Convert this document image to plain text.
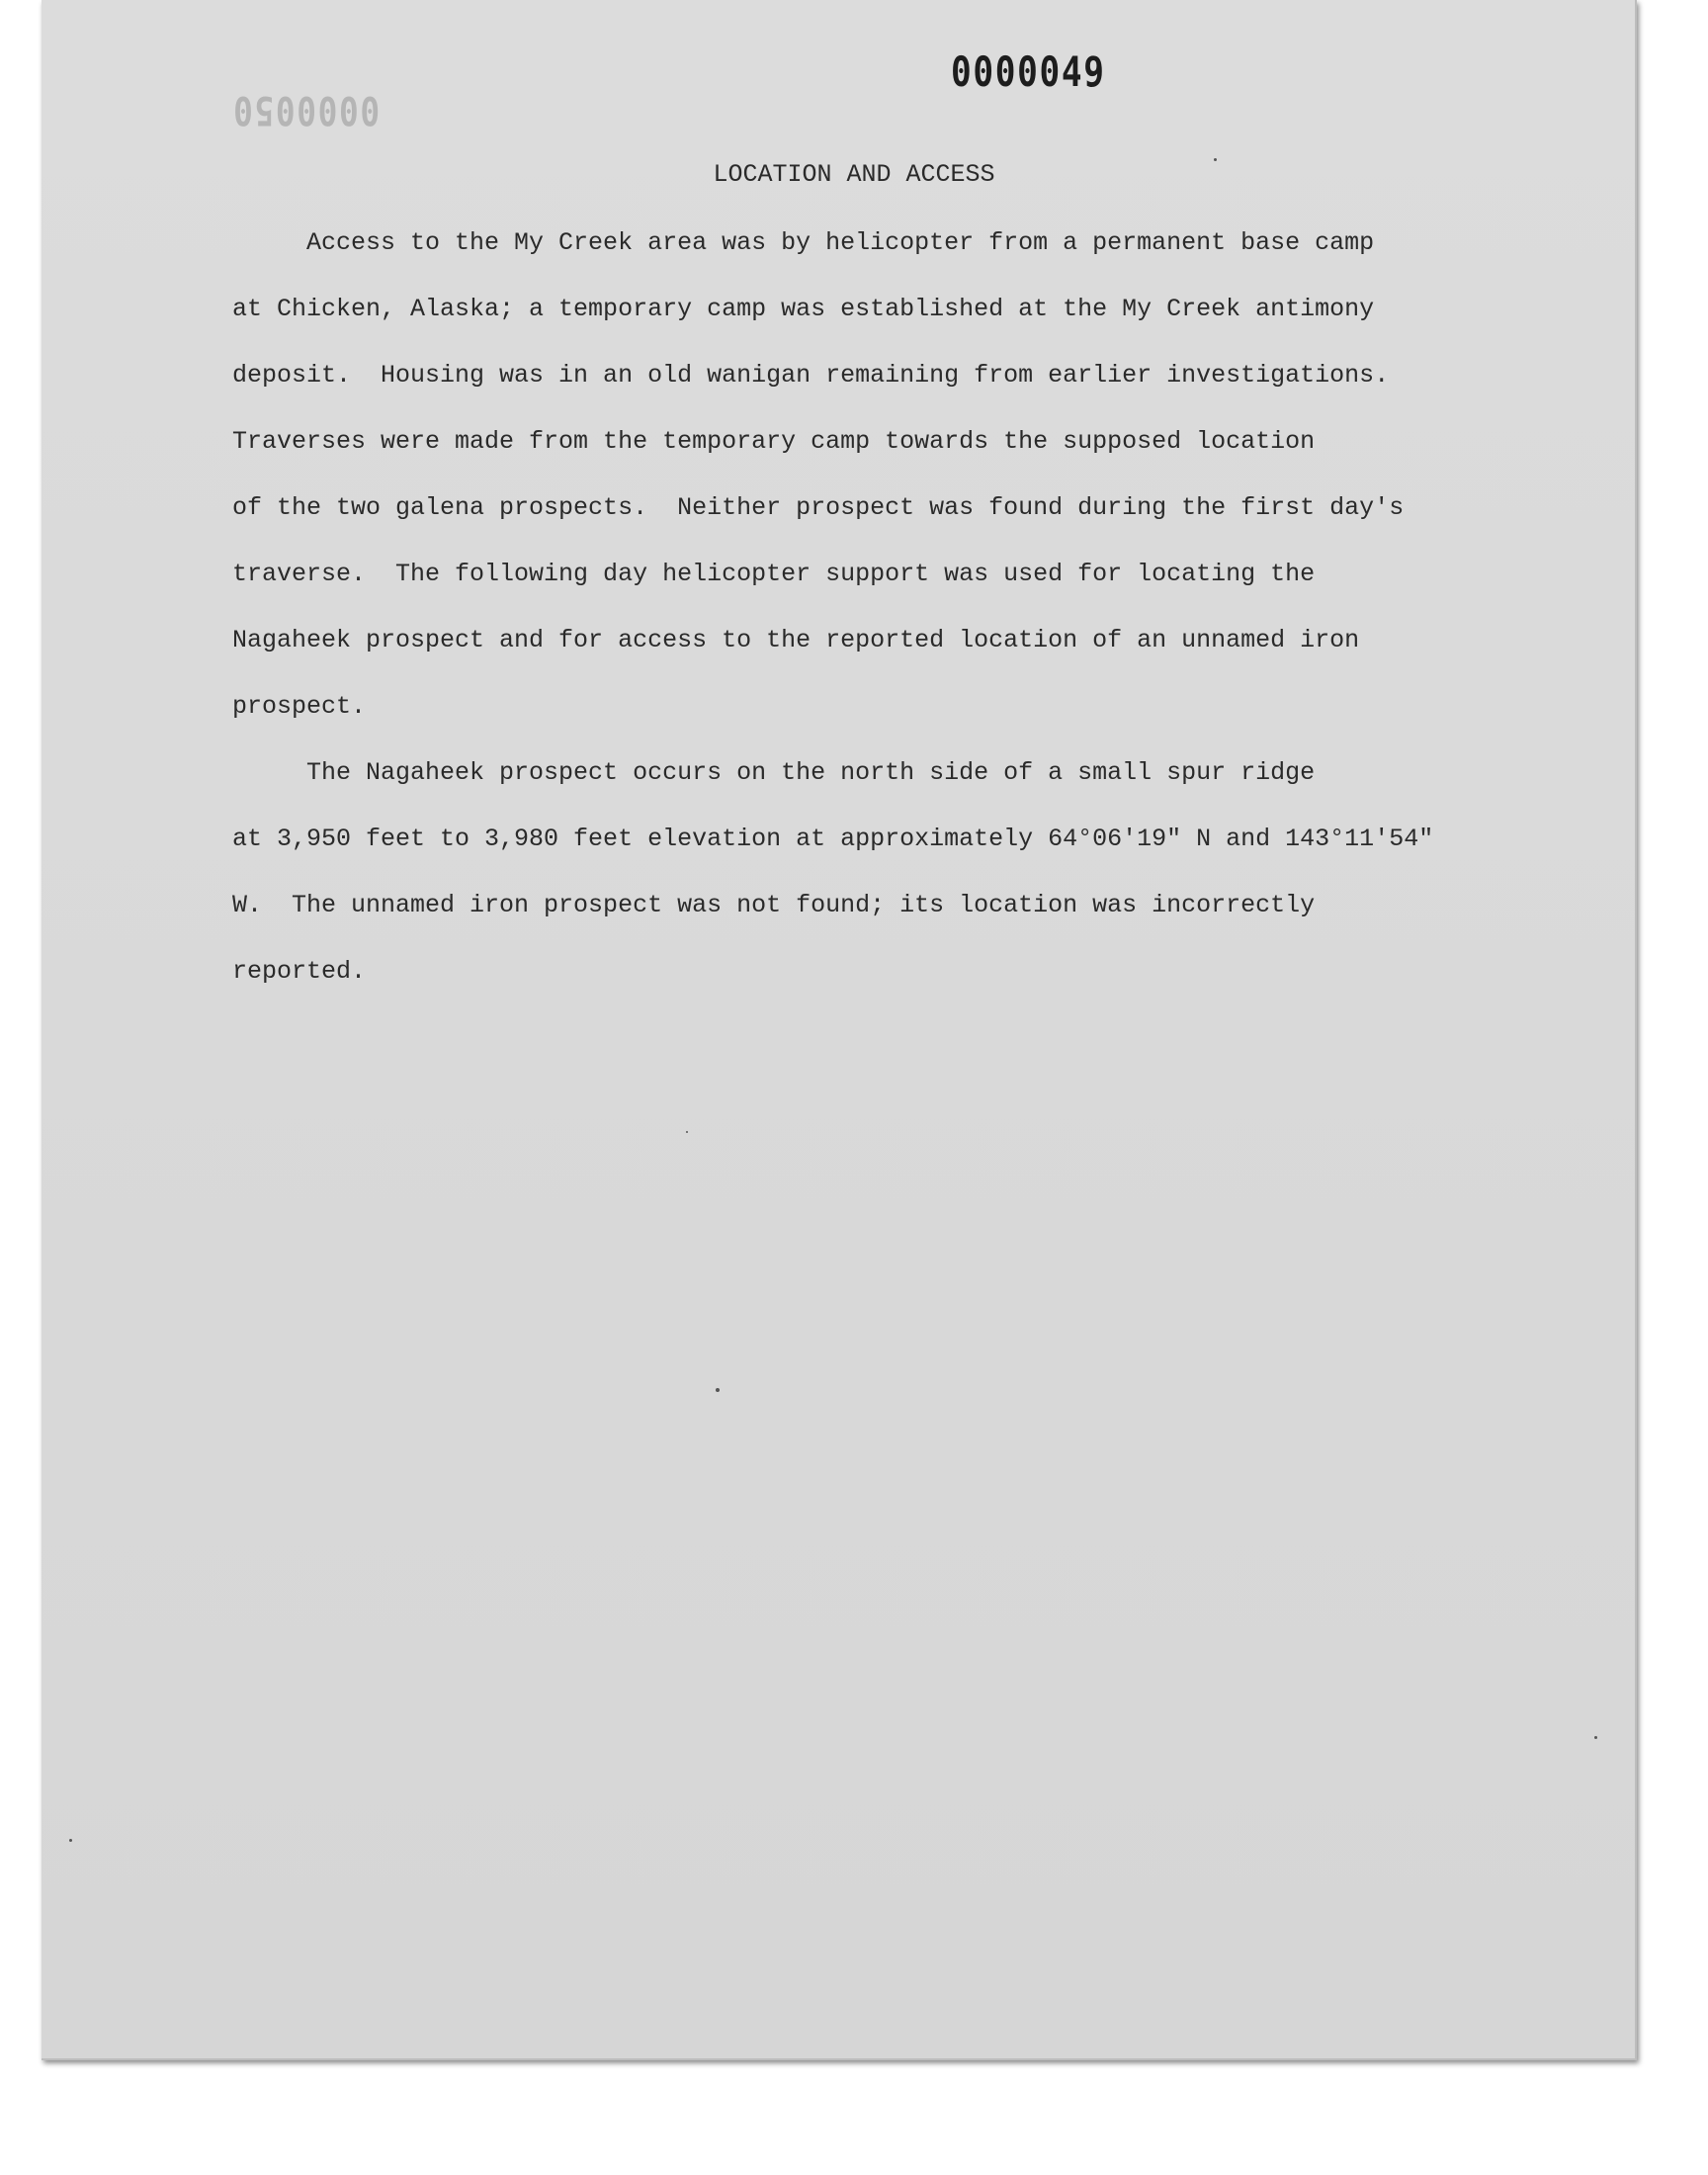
0000050
0000049
LOCATION AND ACCESS
Access to the My Creek area was by helicopter from a permanent base camp
at Chicken, Alaska; a temporary camp was established at the My Creek antimony
deposit.  Housing was in an old wanigan remaining from earlier investigations.
Traverses were made from the temporary camp towards the supposed location
of the two galena prospects.  Neither prospect was found during the first day's
traverse.  The following day helicopter support was used for locating the
Nagaheek prospect and for access to the reported location of an unnamed iron
prospect.
The Nagaheek prospect occurs on the north side of a small spur ridge
at 3,950 feet to 3,980 feet elevation at approximately 64°06'19" N and 143°11'54"
W.  The unnamed iron prospect was not found; its location was incorrectly
reported.
